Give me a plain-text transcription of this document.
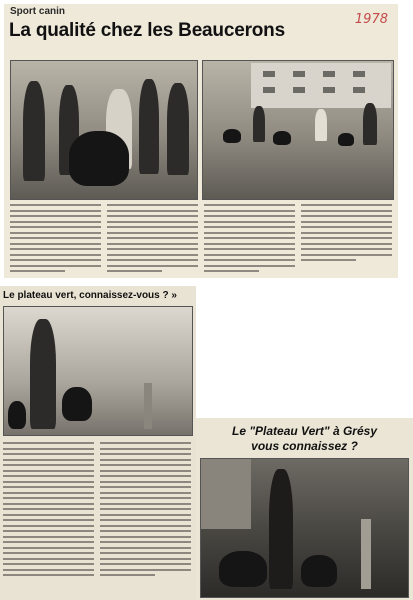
Sport canin
La qualité chez les Beaucerons
1978
Le plateau vert, connaissez-vous ? »
Le "Plateau Vert" à Grésy
vous connaissez ?
